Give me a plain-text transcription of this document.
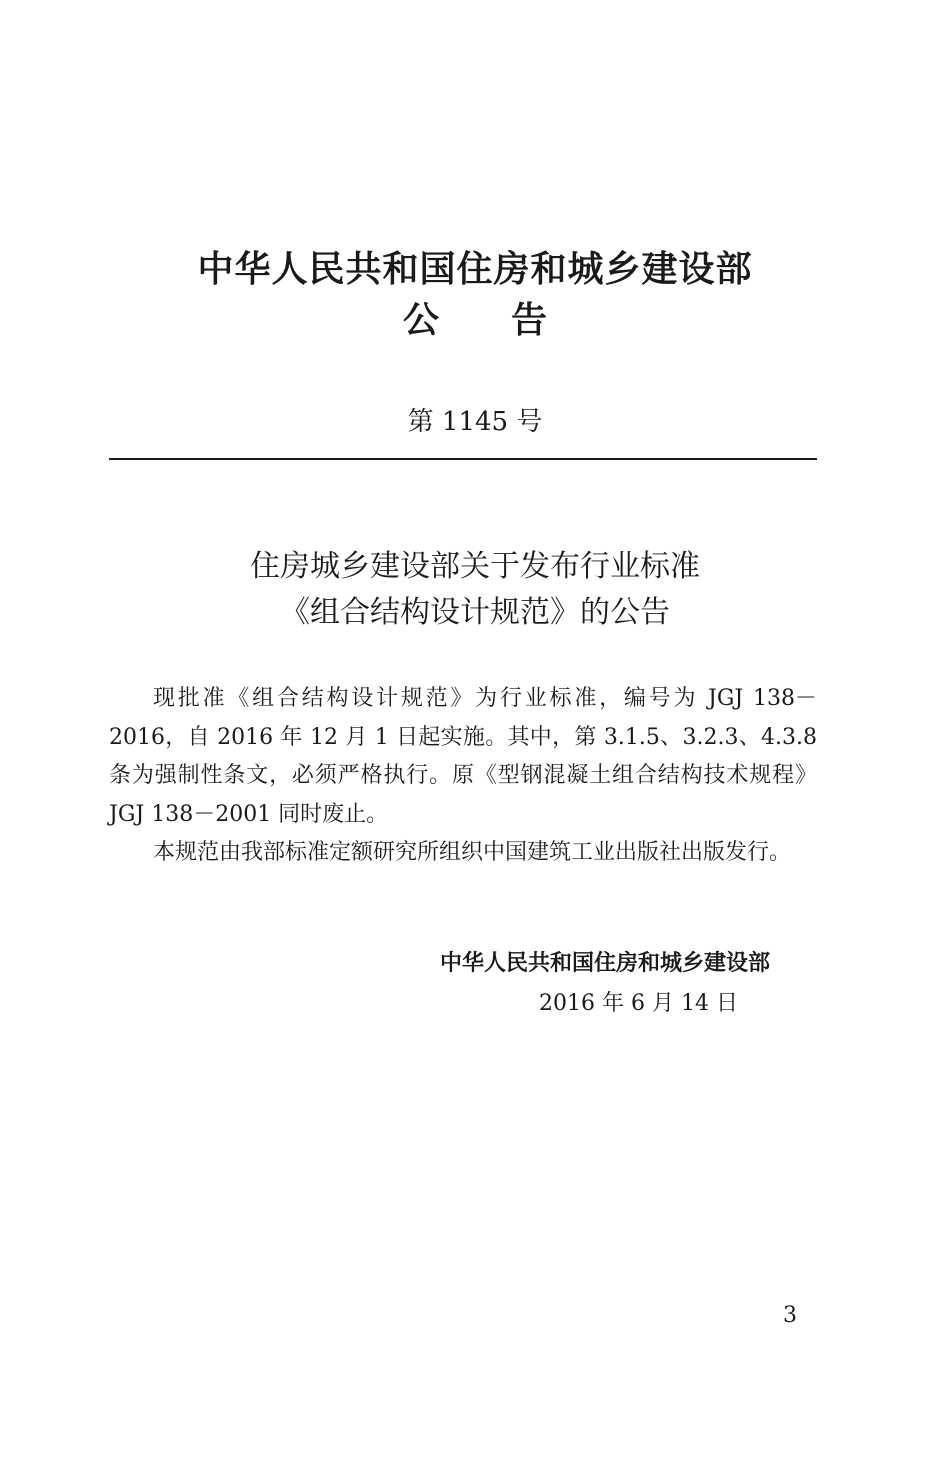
中华人民共和国住房和城乡建设部
公 告
第 1145 号
住房城乡建设部关于发布行业标准
《组合结构设计规范》的公告

现批准《组合结构设计规范》为行业标准，编号为 JGJ 138－2016，自 2016 年 12 月 1 日起实施。其中，第 3.1.5、3.2.3、4.3.8 条为强制性条文，必须严格执行。原《型钢混凝土组合结构技术规程》JGJ 138－2001 同时废止。

本规范由我部标准定额研究所组织中国建筑工业出版社出版发行。

中华人民共和国住房和城乡建设部
2016 年 6 月 14 日
3
